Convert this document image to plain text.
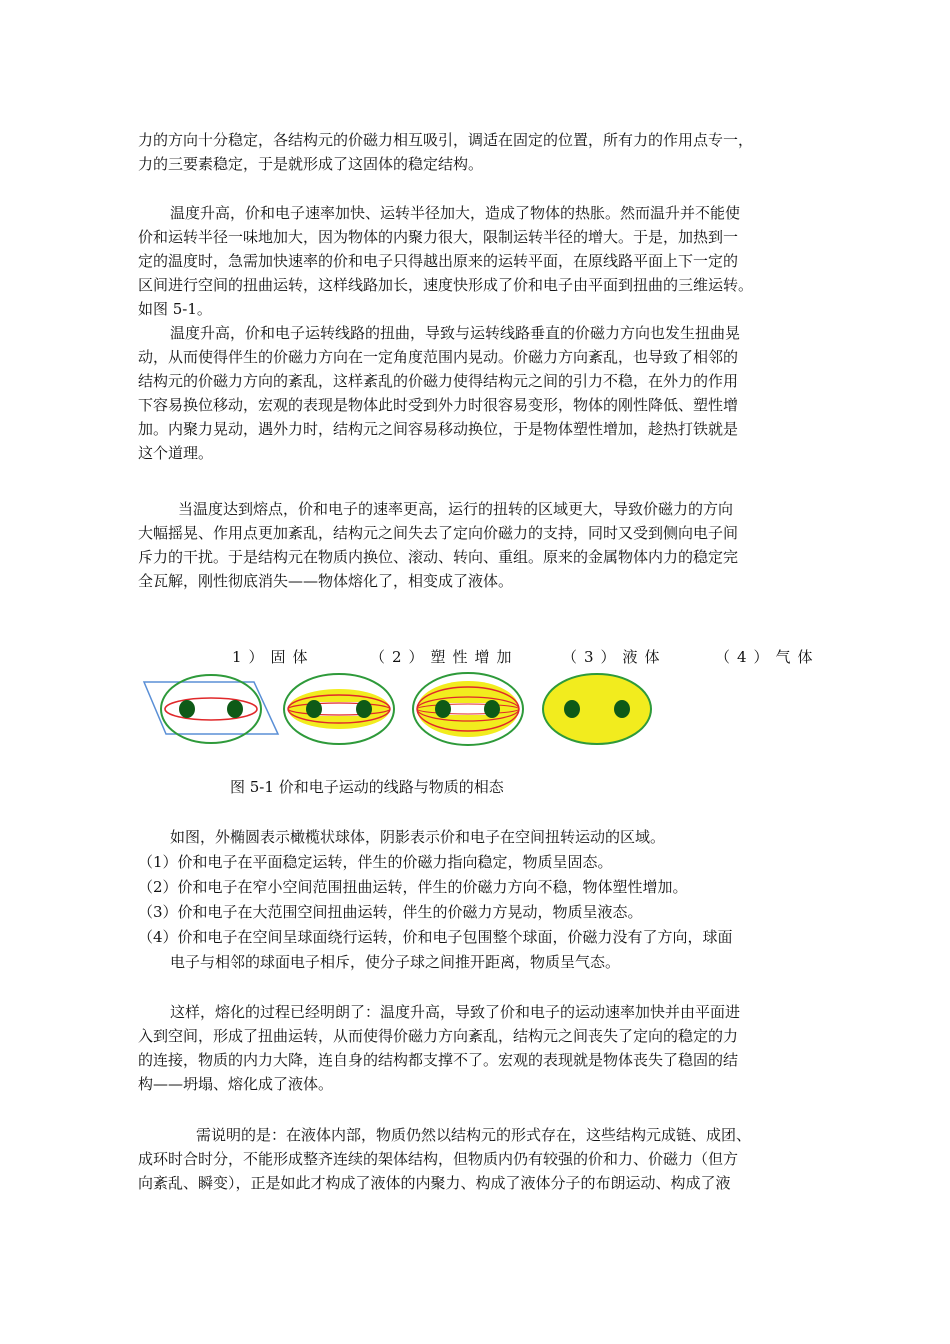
力的方向十分稳定，各结构元的价磁力相互吸引，调适在固定的位置，所有力的作用点专一，
力的三要素稳定，于是就形成了这固体的稳定结构。

温度升高，价和电子速率加快、运转半径加大，造成了物体的热胀。然而温升并不能使
价和运转半径一味地加大，因为物体的内聚力很大，限制运转半径的增大。于是，加热到一
定的温度时，急需加快速率的价和电子只得越出原来的运转平面，在原线路平面上下一定的
区间进行空间的扭曲运转，这样线路加长，速度快形成了价和电子由平面到扭曲的三维运转。
如图 5-1。

温度升高，价和电子运转线路的扭曲，导致与运转线路垂直的价磁力方向也发生扭曲晃
动，从而使得伴生的价磁力方向在一定角度范围内晃动。价磁力方向紊乱，也导致了相邻的
结构元的价磁力方向的紊乱，这样紊乱的价磁力使得结构元之间的引力不稳，在外力的作用
下容易换位移动，宏观的表现是物体此时受到外力时很容易变形，物体的刚性降低、塑性增
加。内聚力晃动，遇外力时，结构元之间容易移动换位，于是物体塑性增加，趁热打铁就是
这个道理。

当温度达到熔点，价和电子的速率更高，运行的扭转的区域更大，导致价磁力的方向
大幅摇晃、作用点更加紊乱，结构元之间失去了定向价磁力的支持，同时又受到侧向电子间
斥力的干扰。于是结构元在物质内换位、滚动、转向、重组。原来的金属物体内力的稳定完
全瓦解，刚性彻底消失——物体熔化了，相变成了液体。

1）固体	（2）塑性增加	（3）液体	（4）气体
图 5-1 价和电子运动的线路与物质的相态
如图，外椭圆表示橄榄状球体，阴影表示价和电子在空间扭转运动的区域。
（1）价和电子在平面稳定运转，伴生的价磁力指向稳定，物质呈固态。
（2）价和电子在窄小空间范围扭曲运转，伴生的价磁力方向不稳，物体塑性增加。
（3）价和电子在大范围空间扭曲运转，伴生的价磁力方晃动，物质呈液态。
（4）价和电子在空间呈球面绕行运转，价和电子包围整个球面，价磁力没有了方向，球面
电子与相邻的球面电子相斥，使分子球之间推开距离，物质呈气态。

这样，熔化的过程已经明朗了：温度升高，导致了价和电子的运动速率加快并由平面进
入到空间，形成了扭曲运转，从而使得价磁力方向紊乱，结构元之间丧失了定向的稳定的力
的连接，物质的内力大降，连自身的结构都支撑不了。宏观的表现就是物体丧失了稳固的结
构——坍塌、熔化成了液体。

需说明的是：在液体内部，物质仍然以结构元的形式存在，这些结构元成链、成团、
成环时合时分，不能形成整齐连续的架体结构，但物质内仍有较强的价和力、价磁力（但方
向紊乱、瞬变），正是如此才构成了液体的内聚力、构成了液体分子的布朗运动、构成了液
